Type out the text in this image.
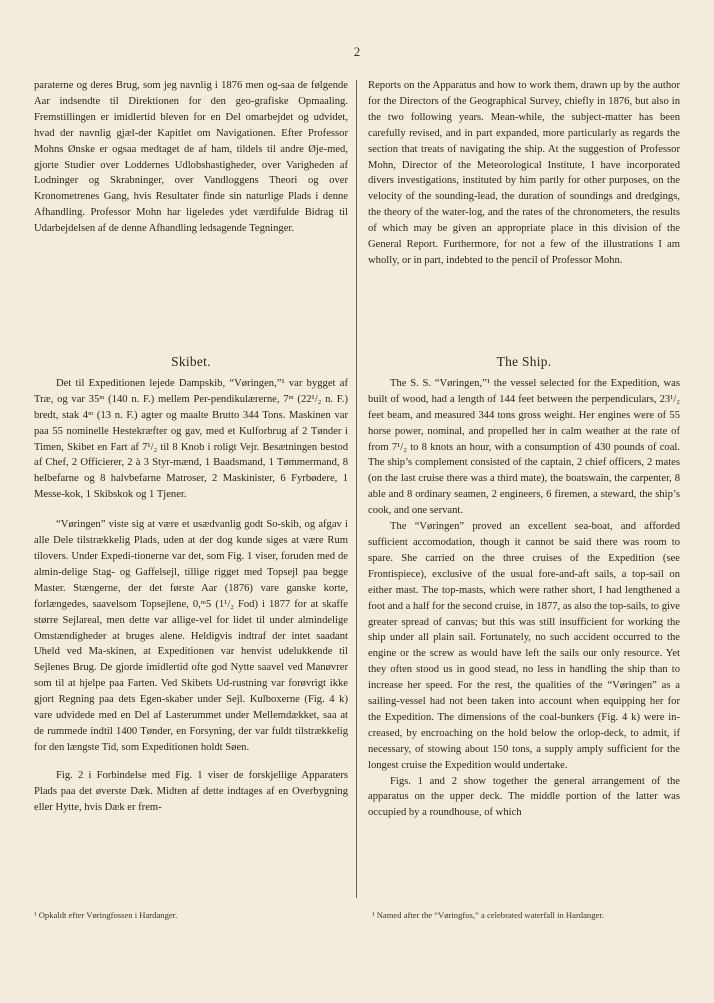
2

paraterne og deres Brug, som jeg navnlig i 1876 men og-saa de følgende Aar indsendte til Direktionen for den geo-grafiske Opmaaling. Fremstillingen er imidlertid bleven for en Del omarbejdet og udvidet, hvad der navnlig gjæl-der Kapitlet om Navigationen. Efter Professor Mohns Ønske er ogsaa medtaget de af ham, tildels til andre Øje-med, gjorte Studier over Loddernes Udlobshastigheder, over Varigheden af Lodninger og Skrabninger, over Vandloggens Theori og over Kronometrenes Gang, hvis Resultater finde sin naturlige Plads i denne Afhandling. Professor Mohn har ligeledes ydet værdifulde Bidrag til Udarbejdelsen af de denne Afhandling ledsagende Tegninger.

Skibet.

Det til Expeditionen lejede Dampskib, “Vøringen,”¹ var bygget af Træ, og var 35ᵐ (140 n. F.) mellem Per-pendikulærerne, 7ᵐ (22¹/₂ n. F.) bredt, stak 4ᵐ (13 n. F.) agter og maalte Brutto 344 Tons. Maskinen var paa 55 nominelle Hestekræfter og gav, med et Kulforbrug af 2 Tønder i Timen, Skibet en Fart af 7¹/₂ til 8 Knob i roligt Vejr. Besætningen bestod af Chef, 2 Officierer, 2 à 3 Styr-mænd, 1 Baadsmand, 1 Tømmermand, 8 helbefarne og 8 halvbefarne Matroser, 2 Maskinister, 6 Fyrbødere, 1 Messe-kok, 1 Skibskok og 1 Tjener.

“Vøringen” viste sig at være et usædvanlig godt So-skib, og afgav i alle Dele tilstrækkelig Plads, uden at der dog kunde siges at være Rum tilovers. Under Expedi-tionerne var det, som Fig. 1 viser, foruden med de almin-delige Stag- og Gaffelsejl, tillige rigget med Topsejl paa begge Master. Stængerne, der det første Aar (1876) vare ganske korte, forlængedes, saavelsom Topsejlene, 0,ᵐ5 (1¹/₂ Fod) i 1877 for at skaffe større Sejlareal, men dette var allige-vel for lidet til under almindelige Omstændigheder at bruges alene. Heldigvis indtraf der intet saadant Uheld ved Ma-skinen, at Expeditionen var henvist udelukkende til Sejlenes Brug. De gjorde imidlertid ofte god Nytte saavel ved Manøvrer som til at hjelpe paa Farten. Ved Skibets Ud-rustning var forøvrigt ikke gjort Regning paa dets Egen-skaber under Sejl. Kulboxerne (Fig. 4 k) vare udvidede med en Del af Lasterummet under Mellemdækket, saa at de rummede indtil 1400 Tønder, en Forsyning, der var fuldt tilstrækkelig for den længste Tid, som Expeditionen holdt Søen.

Fig. 2 i Forbindelse med Fig. 1 viser de forskjellige Apparaters Plads paa det øverste Dæk. Midten af dette indtages af en Overbygning eller Hytte, hvis Dæk er frem-

Reports on the Apparatus and how to work them, drawn up by the author for the Directors of the Geographical Survey, chiefly in 1876, but also in the two following years. Mean-while, the subject-matter has been carefully revised, and in part expanded, more particularly as regards the section that treats of navigating the ship. At the suggestion of Professor Mohn, Director of the Meteorological Institute, I have incorporated divers investigations, instituted by him partly for other purposes, on the velocity of the sounding-lead, the duration of soundings and dredgings, the theory of the water-log, and the rates of the chronometers, the results of which may be given an appropriate place in this division of the General Report. Furthermore, for not a few of the illustrations I am wholly, or in part, indebted to the pencil of Professor Mohn.

The Ship.

The S. S. “Vøringen,”¹ the vessel selected for the Expedition, was built of wood, had a length of 144 feet between the perpendiculars, 23¹/₂ feet beam, and measured 344 tons gross weight. Her engines were of 55 horse power, nominal, and propelled her in calm weather at the rate of from 7¹/₂ to 8 knots an hour, with a consumption of 430 pounds of coal. The ship’s complement consisted of the captain, 2 chief officers, 2 mates (on the last cruise there was a third mate), the boatswain, the carpenter, 8 able and 8 ordinary seamen, 2 engineers, 6 firemen, a steward, the ship’s cook, and one servant.

The “Vøringen” proved an excellent sea-boat, and afforded sufficient accomodation, though it cannot be said there was room to spare. She carried on the three cruises of the Expedition (see Frontispiece), exclusive of the usual fore-and-aft sails, a top-sail on either mast. The top-masts, which were rather short, I had lengthened a foot and a half for the second cruise, in 1877, as also the top-sails, to give greater spread of canvas; but this was still insufficient for working the ship under all plain sail. Fortunately, no such accident occurred to the engine or the screw as would have left the sails our only resource. Yet they often stood us in good stead, no less in handling the ship than to increase her speed. For the rest, the qualities of the “Vøringen” as a sailing-vessel had not been taken into account when equipping her for the Expedition. The dimensions of the coal-bunkers (Fig. 4 k) were in-creased, by encroaching on the hold below the orlop-deck, to admit, if necessary, of stowing about 150 tons, a supply amply sufficient for the longest cruise the Expedition would undertake.

Figs. 1 and 2 show together the general arrangement of the apparatus on the upper deck. The middle portion of the latter was occupied by a roundhouse, of which

¹ Opkaldt efter Vøringfossen i Hardanger.	¹ Named after the “Vøringfos,” a celebrated waterfall in Hardanger.
